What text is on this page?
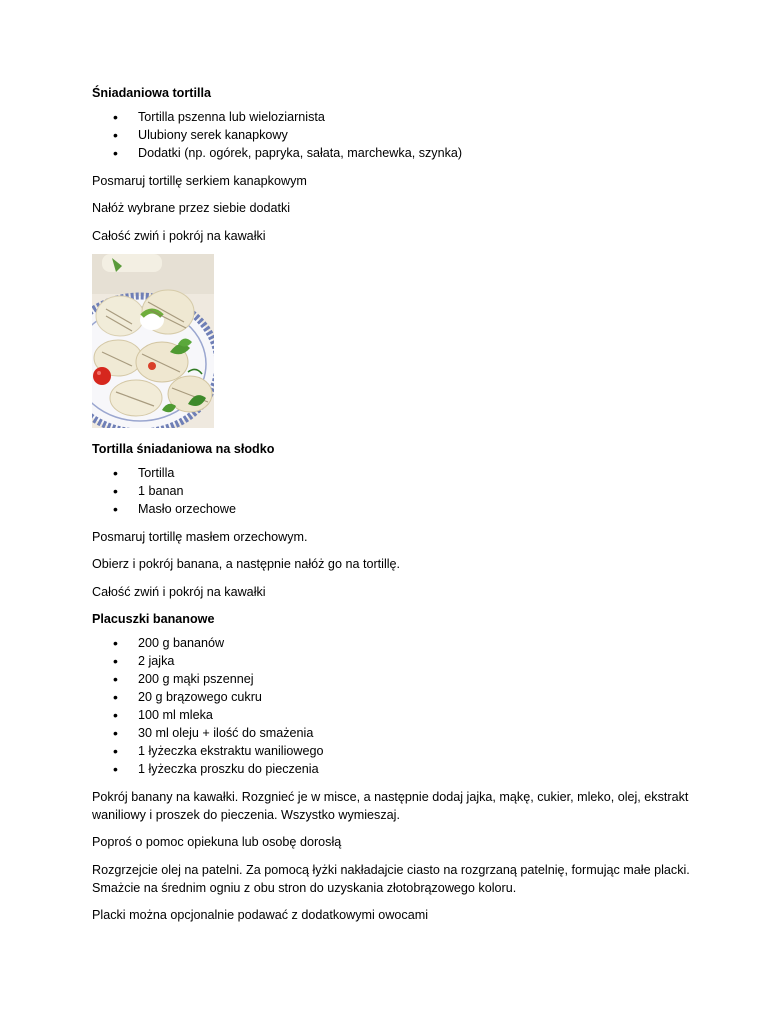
Śniadaniowa tortilla
• Tortilla pszenna lub wieloziarnista
• Ulubiony serek kanapkowy
• Dodatki (np. ogórek, papryka, sałata, marchewka, szynka)

Posmaruj tortillę serkiem kanapkowym

Nałóż wybrane przez siebie dodatki

Całość zwiń i pokrój na kawałki

Tortilla śniadaniowa na słodko
• Tortilla
• 1 banan
• Masło orzechowe

Posmaruj tortillę masłem orzechowym.

Obierz i pokrój banana, a następnie nałóż go na tortillę.

Całość zwiń i pokrój na kawałki

Placuszki bananowe
• 200 g bananów
• 2 jajka
• 200 g mąki pszennej
• 20 g brązowego cukru
• 100 ml mleka
• 30 ml oleju + ilość do smażenia
• 1 łyżeczka ekstraktu waniliowego
• 1 łyżeczka proszku do pieczenia

Pokrój banany na kawałki. Rozgnieć je w misce, a następnie dodaj jajka, mąkę, cukier, mleko, olej, ekstrakt waniliowy i proszek do pieczenia. Wszystko wymieszaj.

Poproś o pomoc opiekuna lub osobę dorosłą

Rozgrzejcie olej na patelni. Za pomocą łyżki nakładajcie ciasto na rozgrzaną patelnię, formując małe placki. Smażcie na średnim ogniu z obu stron do uzyskania złotobrązowego koloru.

Placki można opcjonalnie podawać z dodatkowymi owocami
